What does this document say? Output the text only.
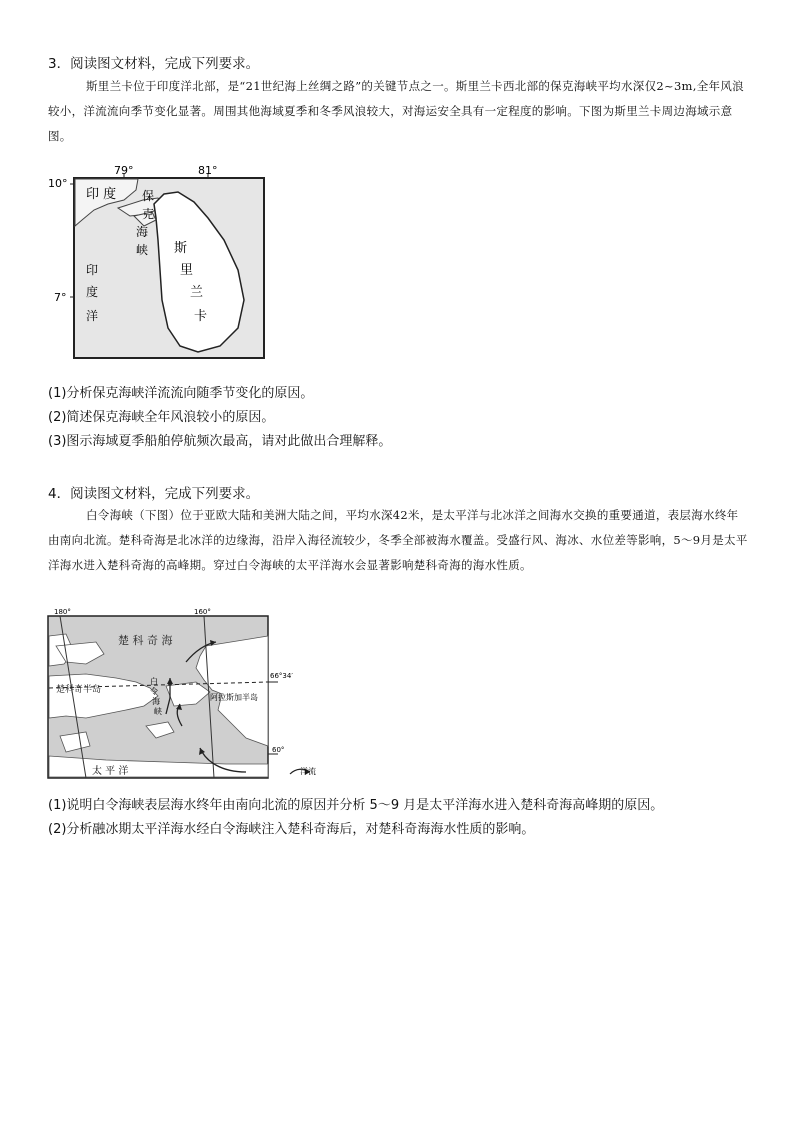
3．阅读图文材料，完成下列要求。
斯里兰卡位于印度洋北部，是“21世纪海上丝绸之路”的关键节点之一。斯里兰卡西北部的保克海峡平均水深仅2~3m,全年风浪较小，洋流流向季节变化显著。周围其他海域夏季和冬季风浪较大，对海运安全具有一定程度的影响。下图为斯里兰卡周边海域示意图。
79°	81°
10°
7°
印 度 保
克
海
峡
印
度
洋
斯
里
兰
卡
(1)分析保克海峡洋流流向随季节变化的原因。
(2)简述保克海峡全年风浪较小的原因。
(3)图示海域夏季船舶停航频次最高，请对此做出合理解释。
4．阅读图文材料，完成下列要求。
白令海峡（下图）位于亚欧大陆和美洲大陆之间，平均水深42米，是太平洋与北冰洋之间海水交换的重要通道，表层海水终年由南向北流。楚科奇海是北冰洋的边缘海，沿岸入海径流较少，冬季全部被海水覆盖。受盛行风、海冰、水位差等影响，5～9月是太平洋海水进入楚科奇海的高峰期。穿过白令海峡的太平洋海水会显著影响楚科奇海的海水性质。
180°	160°
66°34′
60°
楚 科 奇 海
楚科奇半岛
白
令
海
峡
阿拉斯加半岛
太 平 洋	洋流
(1)说明白令海峡表层海水终年由南向北流的原因并分析 5～9 月是太平洋海水进入楚科奇海高峰期的原因。
(2)分析融冰期太平洋海水经白令海峡注入楚科奇海后，对楚科奇海海水性质的影响。
